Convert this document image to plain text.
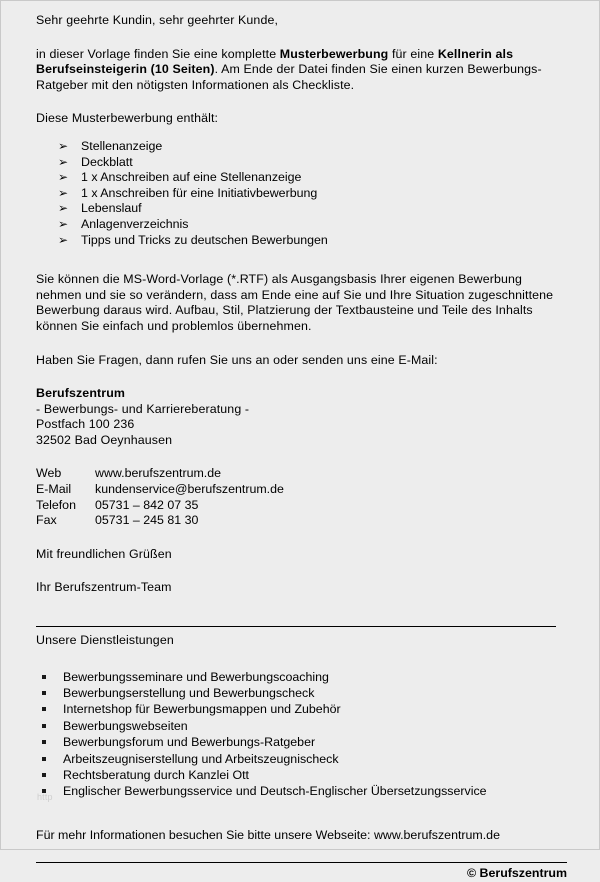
Sehr geehrte Kundin, sehr geehrter Kunde,

in dieser Vorlage finden Sie eine komplette Musterbewerbung für eine Kellnerin als Berufseinsteigerin (10 Seiten). Am Ende der Datei finden Sie einen kurzen Bewerbungs-Ratgeber mit den nötigsten Informationen als Checkliste.

Diese Musterbewerbung enthält:

➢ Stellenanzeige
➢ Deckblatt
➢ 1 x Anschreiben auf eine Stellenanzeige
➢ 1 x Anschreiben für eine Initiativbewerbung
➢ Lebenslauf
➢ Anlagenverzeichnis
➢ Tipps und Tricks zu deutschen Bewerbungen

Sie können die MS-Word-Vorlage (*.RTF) als Ausgangsbasis Ihrer eigenen Bewerbung nehmen und sie so verändern, dass am Ende eine auf Sie und Ihre Situation zugeschnittene Bewerbung daraus wird. Aufbau, Stil, Platzierung der Textbausteine und Teile des Inhalts können Sie einfach und problemlos übernehmen.

Haben Sie Fragen, dann rufen Sie uns an oder senden uns eine E-Mail:

Berufszentrum

- Bewerbungs- und Karriereberatung -

Postfach 100 236

32502 Bad Oeynhausen

Web	www.berufszentrum.de
E-Mail	kundenservice@berufszentrum.de
Telefon	05731 – 842 07 35
Fax	05731 – 245 81 30

Mit freundlichen Grüßen

Ihr Berufszentrum-Team

Unsere Dienstleistungen

Bewerbungsseminare und Bewerbungscoaching
Bewerbungserstellung und Bewerbungscheck
Internetshop für Bewerbungsmappen und Zubehör
Bewerbungswebseiten
Bewerbungsforum und Bewerbungs-Ratgeber
Arbeitszeugniserstellung und Arbeitszeugnischeck
Rechtsberatung durch Kanzlei Ott
Englischer Bewerbungsservice und Deutsch-Englischer Übersetzungsservice

Für mehr Informationen besuchen Sie bitte unsere Webseite: www.berufszentrum.de

© Berufszentrum
http
